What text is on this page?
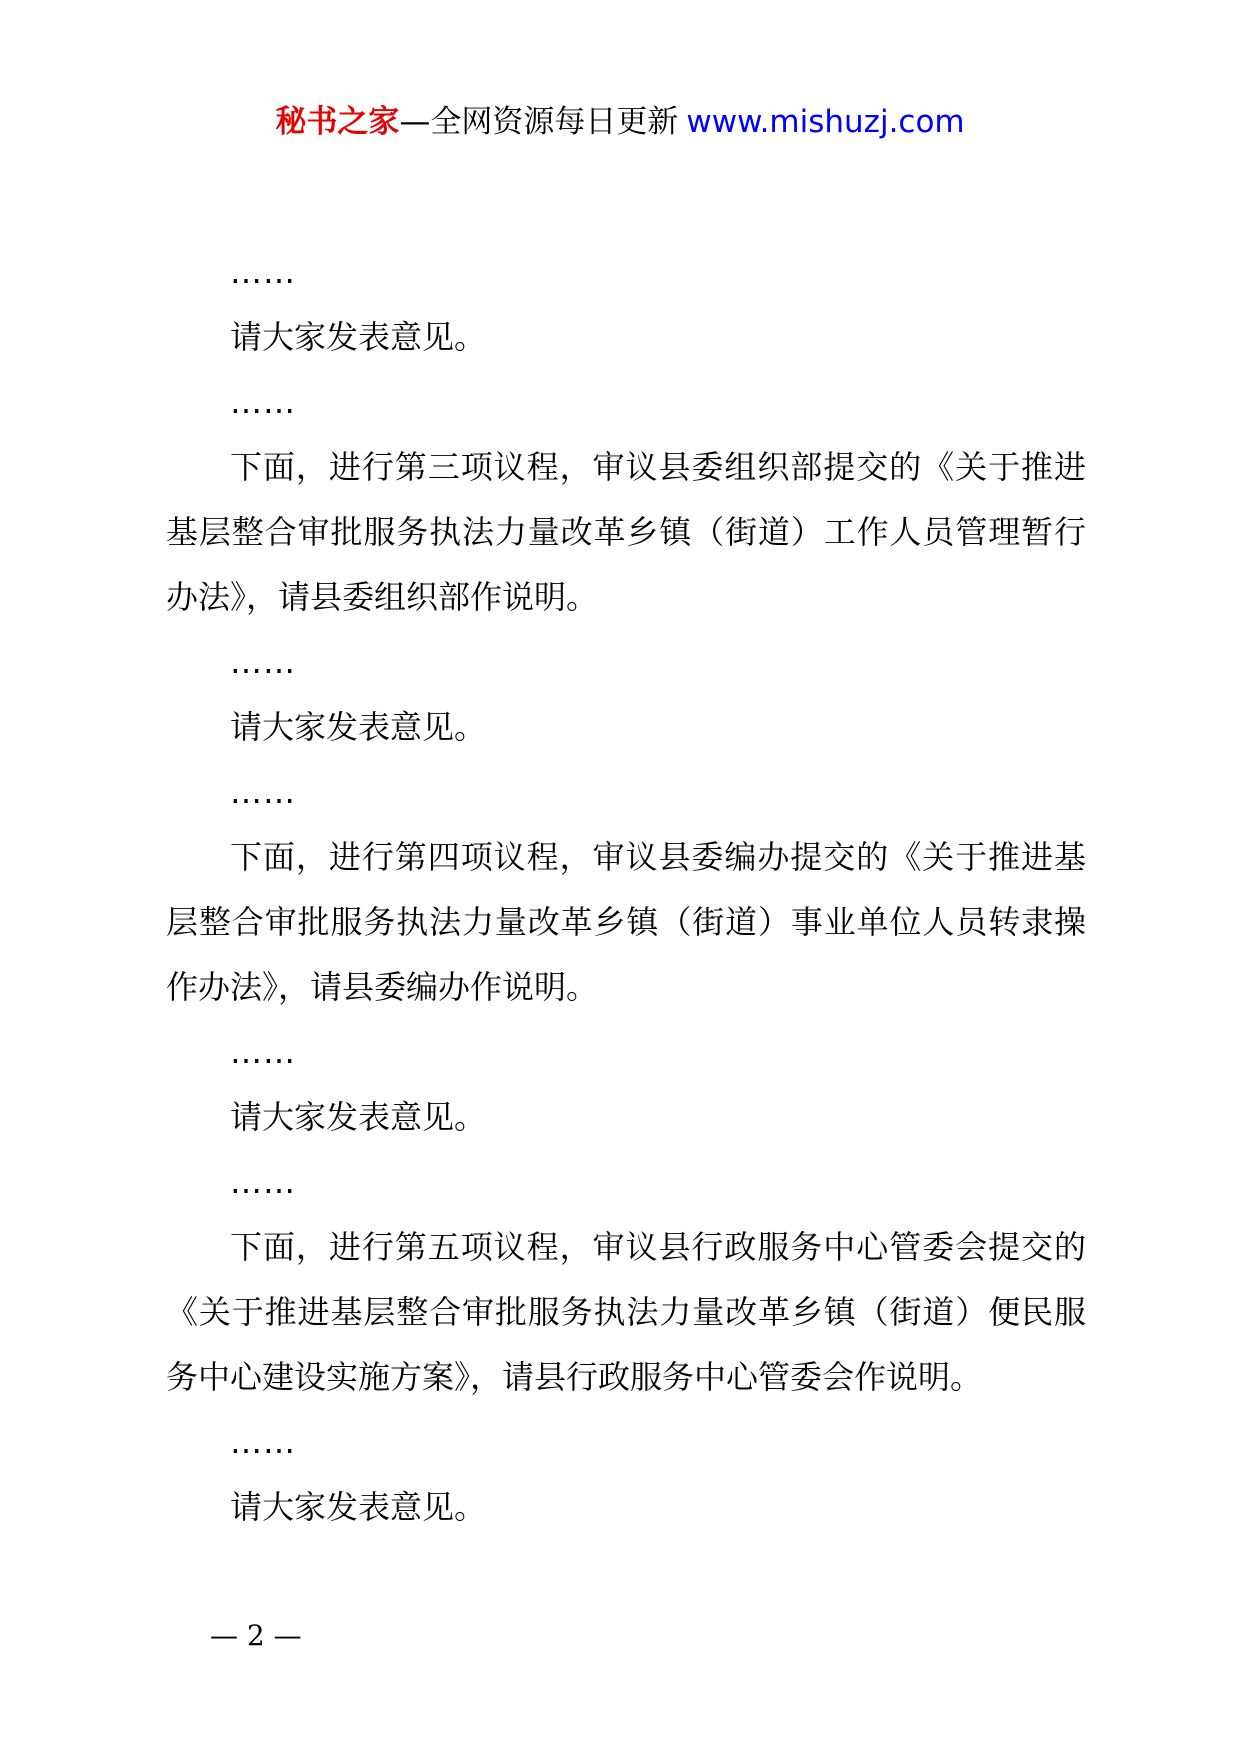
秘书之家—全网资源每日更新 www.mishuzj.com

……

请大家发表意见。

……

下面，进行第三项议程，审议县委组织部提交的《关于推进基层整合审批服务执法力量改革乡镇（街道）工作人员管理暂行办法》，请县委组织部作说明。

……

请大家发表意见。

……

下面，进行第四项议程，审议县委编办提交的《关于推进基层整合审批服务执法力量改革乡镇（街道）事业单位人员转隶操作办法》，请县委编办作说明。

……

请大家发表意见。

……

下面，进行第五项议程，审议县行政服务中心管委会提交的《关于推进基层整合审批服务执法力量改革乡镇（街道）便民服务中心建设实施方案》，请县行政服务中心管委会作说明。

……

请大家发表意见。

— 2 —
